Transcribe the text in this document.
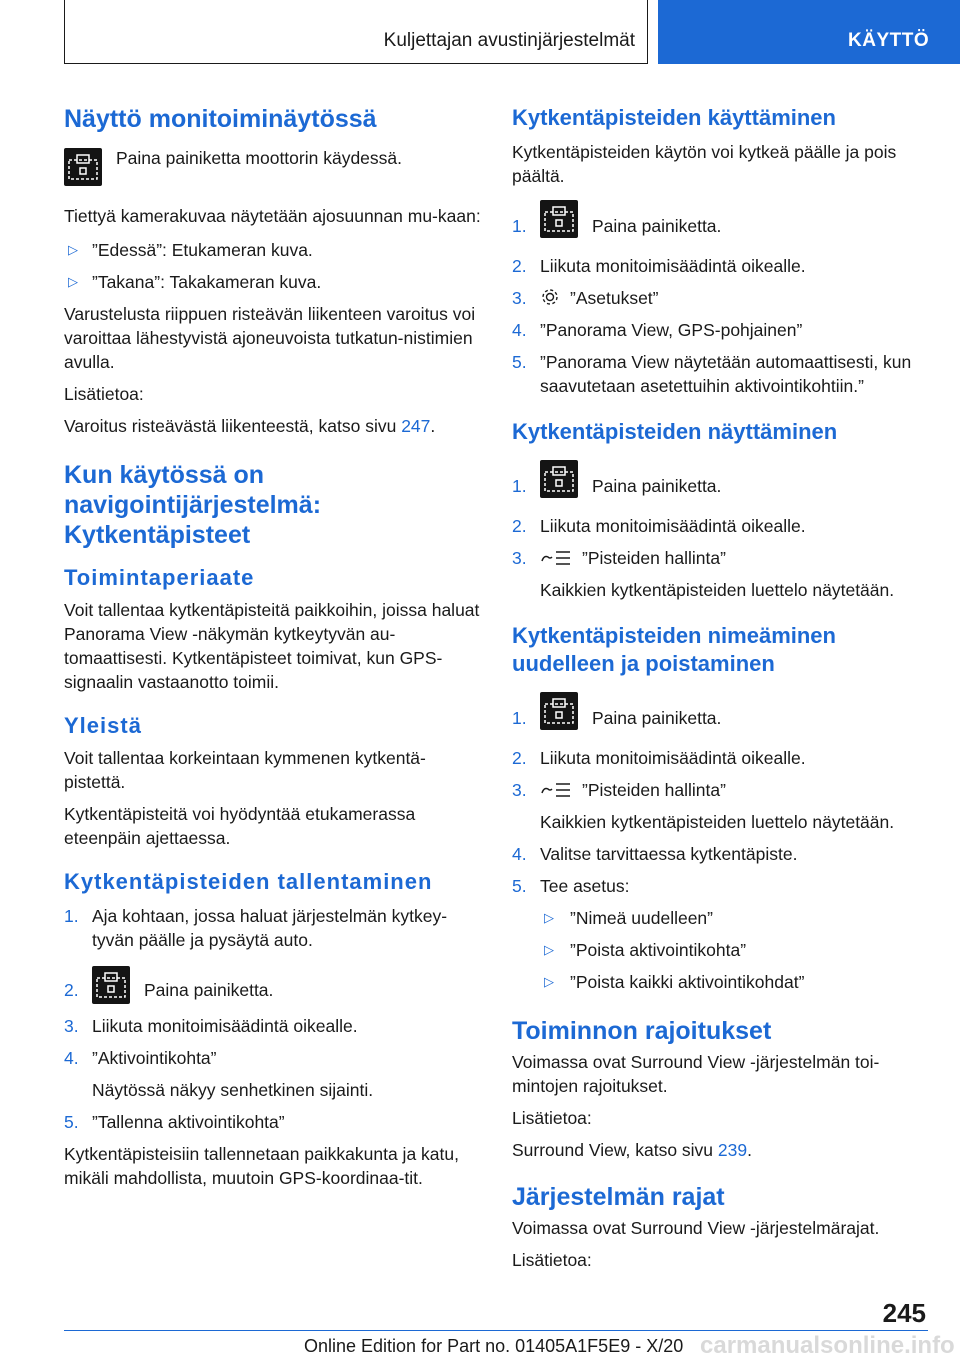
Kuljettajan avustinjärjestelmät	KÄYTTÖ
Näyttö monitoiminäytössä

Paina painiketta moottorin käydessä.

Tiettyä kamerakuvaa näytetään ajosuunnan mu-kaan:

▷ ”Edessä”: Etukameran kuva.
▷ ”Takana”: Takakameran kuva.

Varustelusta riippuen risteävän liikenteen varoitus voi varoittaa lähestyvistä ajoneuvoista tutkatun-nistimien avulla.

Lisätietoa:

Varoitus risteävästä liikenteestä, katso sivu 247.

Kun käytössä on navigointijärjestelmä: Kytkentäpisteet
Toimintaperiaate

Voit tallentaa kytkentäpisteitä paikkoihin, joissa haluat Panorama View -näkymän kytkeytyvän au-tomaattisesti. Kytkentäpisteet toimivat, kun GPS-signaalin vastaanotto toimii.

Yleistä

Voit tallentaa korkeintaan kymmenen kytkentä-pistettä.

Kytkentäpisteitä voi hyödyntää etukamerassa eteenpäin ajettaessa.

Kytkentäpisteiden tallentaminen
1. Aja kohtaan, jossa haluat järjestelmän kytkey-tyvän päälle ja pysäytä auto.
2.	Paina painiketta.
3. Liikuta monitoimisäädintä oikealle.
4. ”Aktivointikohta”
Näytössä näkyy senhetkinen sijainti.
5. ”Tallenna aktivointikohta”

Kytkentäpisteisiin tallennetaan paikkakunta ja katu, mikäli mahdollista, muutoin GPS-koordinaa-tit.

Kytkentäpisteiden käyttäminen

Kytkentäpisteiden käytön voi kytkeä päälle ja pois päältä.

1.	Paina painiketta.
2. Liikuta monitoimisäädintä oikealle.
3. ”Asetukset”
4. ”Panorama View, GPS-pohjainen”
5. ”Panorama View näytetään automaattisesti, kun saavutetaan asetettuihin aktivointikohtiin.”
Kytkentäpisteiden näyttäminen
1.	Paina painiketta.
2. Liikuta monitoimisäädintä oikealle.
3.	”Pisteiden hallinta”
Kaikkien kytkentäpisteiden luettelo näytetään.
Kytkentäpisteiden nimeäminen uudelleen ja poistaminen
1.	Paina painiketta.
2. Liikuta monitoimisäädintä oikealle.
3.	”Pisteiden hallinta”
Kaikkien kytkentäpisteiden luettelo näytetään.
4. Valitse tarvittaessa kytkentäpiste.
5. Tee asetus:
▷ ”Nimeä uudelleen”
▷ ”Poista aktivointikohta”
▷ ”Poista kaikki aktivointikohdat”
Toiminnon rajoitukset

Voimassa ovat Surround View -järjestelmän toi-mintojen rajoitukset.

Lisätietoa:

Surround View, katso sivu 239.

Järjestelmän rajat

Voimassa ovat Surround View -järjestelmärajat.

Lisätietoa:

245
Online Edition for Part no. 01405A1F5E9 - X/20 carmanualsonline.info
